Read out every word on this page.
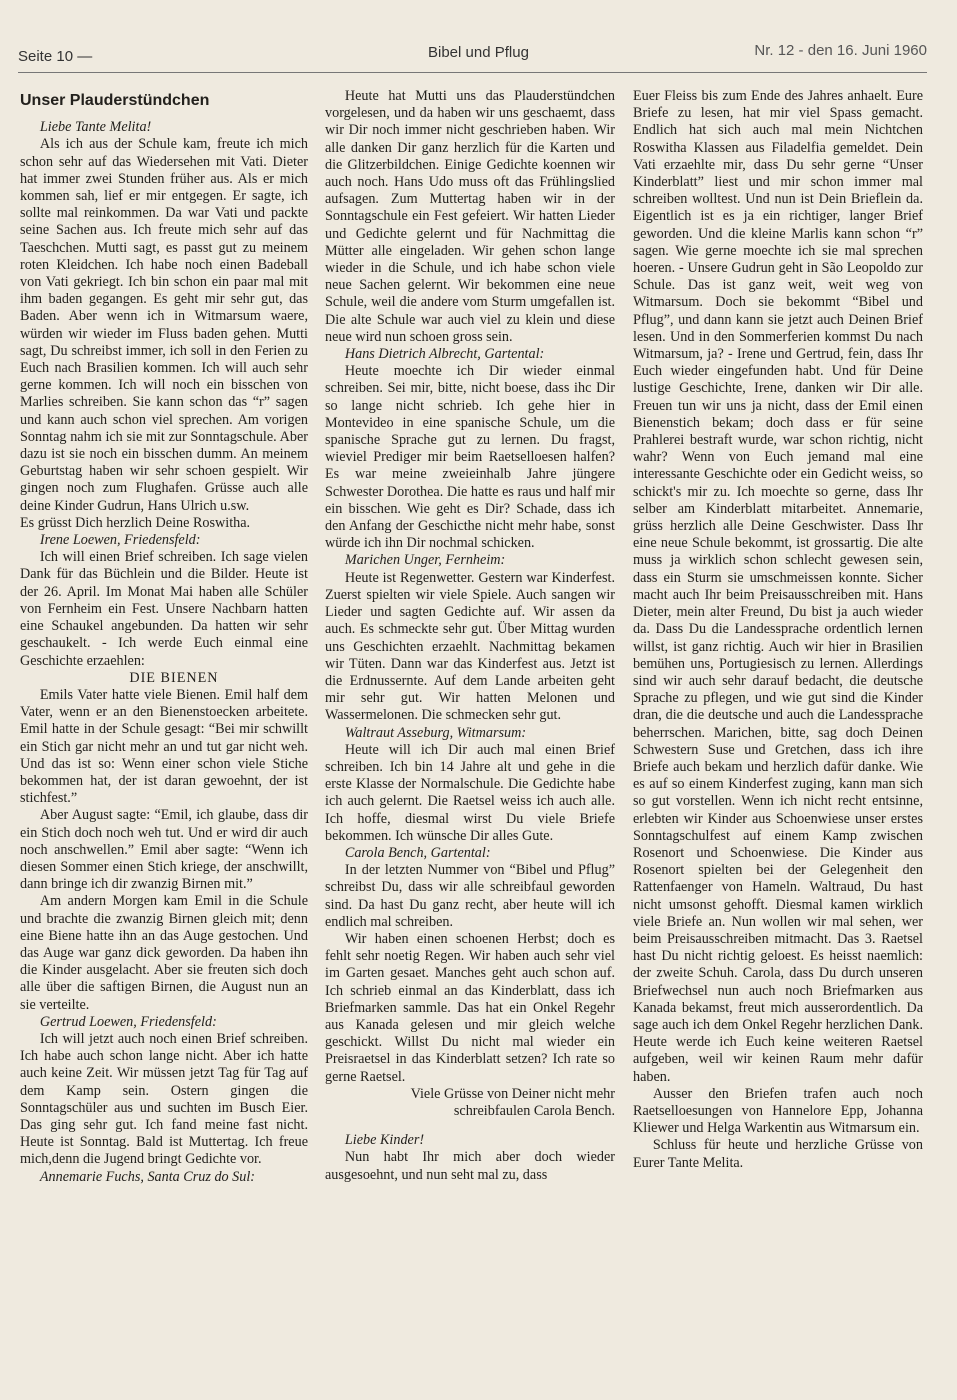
Seite 10 —	Bibel und Pflug	Nr. 12 - den 16. Juni 1960
Unser Plauderstündchen

Liebe Tante Melita!

Als ich aus der Schule kam, freute ich mich schon sehr auf das Wiedersehen mit Vati. Dieter hat immer zwei Stunden früher aus. Als er mich kommen sah, lief er mir entgegen. Er sagte, ich sollte mal reinkommen. Da war Vati und packte seine Sachen aus. Ich freute mich sehr auf das Taeschchen. Mutti sagt, es passt gut zu meinem roten Kleidchen. Ich habe noch einen Badeball von Vati gekriegt. Ich bin schon ein paar mal mit ihm baden gegangen. Es geht mir sehr gut, das Baden. Aber wenn ich in Witmarsum waere, würden wir wieder im Fluss baden gehen. Mutti sagt, Du schreibst immer, ich soll in den Ferien zu Euch nach Brasilien kommen. Ich will auch sehr gerne kommen. Ich will noch ein bisschen von Marlies schreiben. Sie kann schon das “r” sagen und kann auch schon viel sprechen. Am vorigen Sonntag nahm ich sie mit zur Sonntagschule. Aber dazu ist sie noch ein bisschen dumm. An meinem Geburtstag haben wir sehr schoen gespielt. Wir gingen noch zum Flughafen. Grüsse auch alle deine Kinder Gudrun, Hans Ulrich u.sw.

Es grüsst Dich herzlich Deine Roswitha.

Irene Loewen, Friedensfeld:

Ich will einen Brief schreiben. Ich sage vielen Dank für das Büchlein und die Bilder. Heute ist der 26. April. Im Monat Mai haben alle Schüler von Fernheim ein Fest. Unsere Nachbarn hatten eine Schaukel angebunden. Da hatten wir sehr geschaukelt. - Ich werde Euch einmal eine Geschichte erzaehlen:

DIE BIENEN

Emils Vater hatte viele Bienen. Emil half dem Vater, wenn er an den Bienenstoecken arbeitete. Emil hatte in der Schule gesagt: “Bei mir schwillt ein Stich gar nicht mehr an und tut gar nicht weh. Und das ist so: Wenn einer schon viele Stiche bekommen hat, der ist daran gewoehnt, der ist stichfest.”

Aber August sagte: “Emil, ich glaube, dass dir ein Stich doch noch weh tut. Und er wird dir auch noch anschwellen.” Emil aber sagte: “Wenn ich diesen Sommer einen Stich kriege, der anschwillt, dann bringe ich dir zwanzig Birnen mit.”

Am andern Morgen kam Emil in die Schule und brachte die zwanzig Birnen gleich mit; denn eine Biene hatte ihn an das Auge gestochen. Und das Auge war ganz dick geworden. Da haben ihn die Kinder ausgelacht. Aber sie freuten sich doch alle über die saftigen Birnen, die August nun an sie verteilte.

Gertrud Loewen, Friedensfeld:

Ich will jetzt auch noch einen Brief schreiben. Ich habe auch schon lange nicht. Aber ich hatte auch keine Zeit. Wir müssen jetzt Tag für Tag auf dem Kamp sein. Ostern gingen die Sonntagschüler aus und suchten im Busch Eier. Das ging sehr gut. Ich fand meine fast nicht. Heute ist Sonntag. Bald ist Muttertag. Ich freue mich,denn die Jugend bringt Gedichte vor.

Annemarie Fuchs, Santa Cruz do Sul:

Heute hat Mutti uns das Plauderstündchen vorgelesen, und da haben wir uns geschaemt, dass wir Dir noch immer nicht geschrieben haben. Wir alle danken Dir ganz herzlich für die Karten und die Glitzerbildchen. Einige Gedichte koennen wir auch noch. Hans Udo muss oft das Frühlingslied aufsagen. Zum Muttertag haben wir in der Sonntagschule ein Fest gefeiert. Wir hatten Lieder und Gedichte gelernt und für Nachmittag die Mütter alle eingeladen. Wir gehen schon lange wieder in die Schule, und ich habe schon viele neue Sachen gelernt. Wir bekommen eine neue Schule, weil die andere vom Sturm umgefallen ist. Die alte Schule war auch viel zu klein und diese neue wird nun schoen gross sein.

Hans Dietrich Albrecht, Gartental:

Heute moechte ich Dir wieder einmal schreiben. Sei mir, bitte, nicht boese, dass ihc Dir so lange nicht schrieb. Ich gehe hier in Montevideo in eine spanische Schule, um die spanische Sprache gut zu lernen. Du fragst, wieviel Prediger mir beim Raetselloesen halfen? Es war meine zweieinhalb Jahre jüngere Schwester Dorothea. Die hatte es raus und half mir ein bisschen. Wie geht es Dir? Schade, dass ich den Anfang der Geschicthe nicht mehr habe, sonst würde ich ihn Dir nochmal schicken.

Marichen Unger, Fernheim:

Heute ist Regenwetter. Gestern war Kinderfest. Zuerst spielten wir viele Spiele. Auch sangen wir Lieder und sagten Gedichte auf. Wir assen da auch. Es schmeckte sehr gut. Über Mittag wurden uns Geschichten erzaehlt. Nachmittag bekamen wir Tüten. Dann war das Kinderfest aus. Jetzt ist die Erdnussernte. Auf dem Lande arbeiten geht mir sehr gut. Wir hatten Melonen und Wassermelonen. Die schmecken sehr gut.

Waltraut Asseburg, Witmarsum:

Heute will ich Dir auch mal einen Brief schreiben. Ich bin 14 Jahre alt und gehe in die erste Klasse der Normalschule. Die Gedichte habe ich auch gelernt. Die Raetsel weiss ich auch alle. Ich hoffe, diesmal wirst Du viele Briefe bekommen. Ich wünsche Dir alles Gute.

Carola Bench, Gartental:

In der letzten Nummer von “Bibel und Pflug” schreibst Du, dass wir alle schreibfaul geworden sind. Da hast Du ganz recht, aber heute will ich endlich mal schreiben.

Wir haben einen schoenen Herbst; doch es fehlt sehr noetig Regen. Wir haben auch sehr viel im Garten gesaet. Manches geht auch schon auf. Ich schrieb einmal an das Kinderblatt, dass ich Briefmarken sammle. Das hat ein Onkel Regehr aus Kanada gelesen und mir gleich welche geschickt. Willst Du nicht mal wieder ein Preisraetsel in das Kinderblatt setzen? Ich rate so gerne Raetsel.

Viele Grüsse von Deiner nicht mehr schreibfaulen Carola Bench.

Liebe Kinder!

Nun habt Ihr mich aber doch wieder ausgesoehnt, und nun seht mal zu, dass

Euer Fleiss bis zum Ende des Jahres anhaelt. Eure Briefe zu lesen, hat mir viel Spass gemacht. Endlich hat sich auch mal mein Nichtchen Roswitha Klassen aus Filadelfia gemeldet. Dein Vati erzaehlte mir, dass Du sehr gerne “Unser Kinderblatt” liest und mir schon immer mal schreiben wolltest. Und nun ist Dein Brieflein da. Eigentlich ist es ja ein richtiger, langer Brief geworden. Und die kleine Marlis kann schon “r” sagen. Wie gerne moechte ich sie mal sprechen hoeren. - Unsere Gudrun geht in São Leopoldo zur Schule. Das ist ganz weit, weit weg von Witmarsum. Doch sie bekommt “Bibel und Pflug”, und dann kann sie jetzt auch Deinen Brief lesen. Und in den Sommerferien kommst Du nach Witmarsum, ja? - Irene und Gertrud, fein, dass Ihr Euch wieder eingefunden habt. Und für Deine lustige Geschichte, Irene, danken wir Dir alle. Freuen tun wir uns ja nicht, dass der Emil einen Bienenstich bekam; doch dass er für seine Prahlerei bestraft wurde, war schon richtig, nicht wahr? Wenn von Euch jemand mal eine interessante Geschichte oder ein Gedicht weiss, so schickt's mir zu. Ich moechte so gerne, dass Ihr selber am Kinderblatt mitarbeitet. Annemarie, grüss herzlich alle Deine Geschwister. Dass Ihr eine neue Schule bekommt, ist grossartig. Die alte muss ja wirklich schon schlecht gewesen sein, dass ein Sturm sie umschmeissen konnte. Sicher macht auch Ihr beim Preisausschreiben mit. Hans Dieter, mein alter Freund, Du bist ja auch wieder da. Dass Du die Landessprache ordentlich lernen willst, ist ganz richtig. Auch wir hier in Brasilien bemühen uns, Portugiesisch zu lernen. Allerdings sind wir auch sehr darauf bedacht, die deutsche Sprache zu pflegen, und wie gut sind die Kinder dran, die die deutsche und auch die Landessprache beherrschen. Marichen, bitte, sag doch Deinen Schwestern Suse und Gretchen, dass ich ihre Briefe auch bekam und herzlich dafür danke. Wie es auf so einem Kinderfest zuging, kann man sich so gut vorstellen. Wenn ich nicht recht entsinne, erlebten wir Kinder aus Schoenwiese unser erstes Sonntagschulfest auf einem Kamp zwischen Rosenort und Schoenwiese. Die Kinder aus Rosenort spielten bei der Gelegenheit den Rattenfaenger von Hameln. Waltraud, Du hast nicht umsonst gehofft. Diesmal kamen wirklich viele Briefe an. Nun wollen wir mal sehen, wer beim Preisausschreiben mitmacht. Das 3. Raetsel hast Du nicht richtig geloest. Es heisst naemlich: der zweite Schuh. Carola, dass Du durch unseren Briefwechsel nun auch noch Briefmarken aus Kanada bekamst, freut mich ausserordentlich. Da sage auch ich dem Onkel Regehr herzlichen Dank. Heute werde ich Euch keine weiteren Raetsel aufgeben, weil wir keinen Raum mehr dafür haben.

Ausser den Briefen trafen auch noch Raetselloesungen von Hannelore Epp, Johanna Kliewer und Helga Warkentin aus Witmarsum ein.

Schluss für heute und herzliche Grüsse von Eurer Tante Melita.
